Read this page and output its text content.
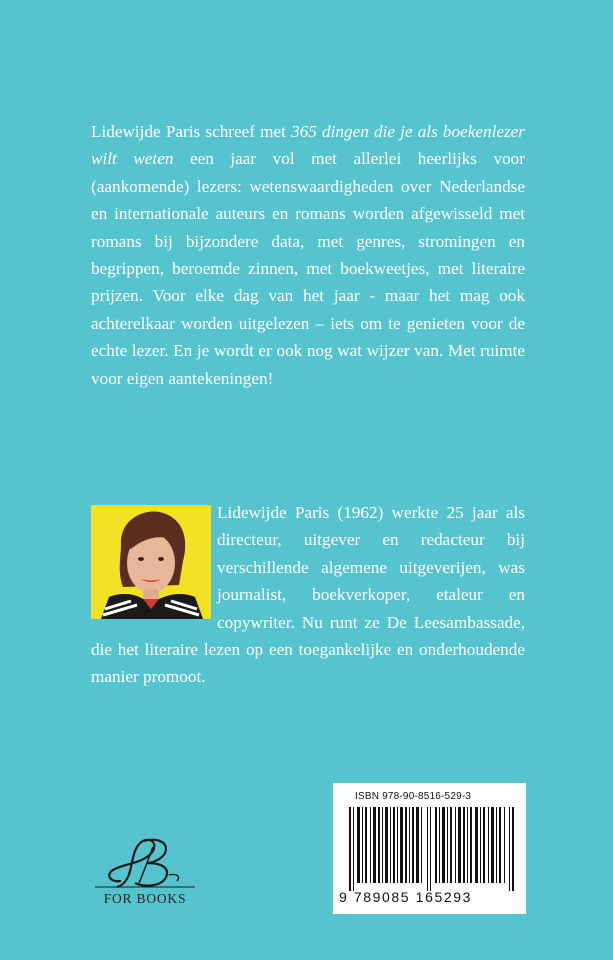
Lidewijde Paris schreef met 365 dingen die je als boekenlezer wilt weten een jaar vol met allerlei heerlijks voor (aankomende) lezers: wetenswaardigheden over Nederlandse en internationale auteurs en romans worden afgewisseld met romans bij bijzondere data, met genres, stromingen en begrippen, beroemde zinnen, met boekweetjes, met literaire prijzen. Voor elke dag van het jaar - maar het mag ook achterelkaar worden uitgelezen – iets om te genieten voor de echte lezer. En je wordt er ook nog wat wijzer van. Met ruimte voor eigen aantekeningen!

Lidewijde Paris (1962) werkte 25 jaar als directeur, uitgever en redacteur bij verschillende algemene uitgeverijen, was journalist, boekverkoper, etaleur en copywriter. Nu runt ze De Leesambassade, die het literaire lezen op een toegankelijke en onderhoudende manier promoot.

ISBN 978-90-8516-529-3
9 789085 165293
FOR BOOKS
